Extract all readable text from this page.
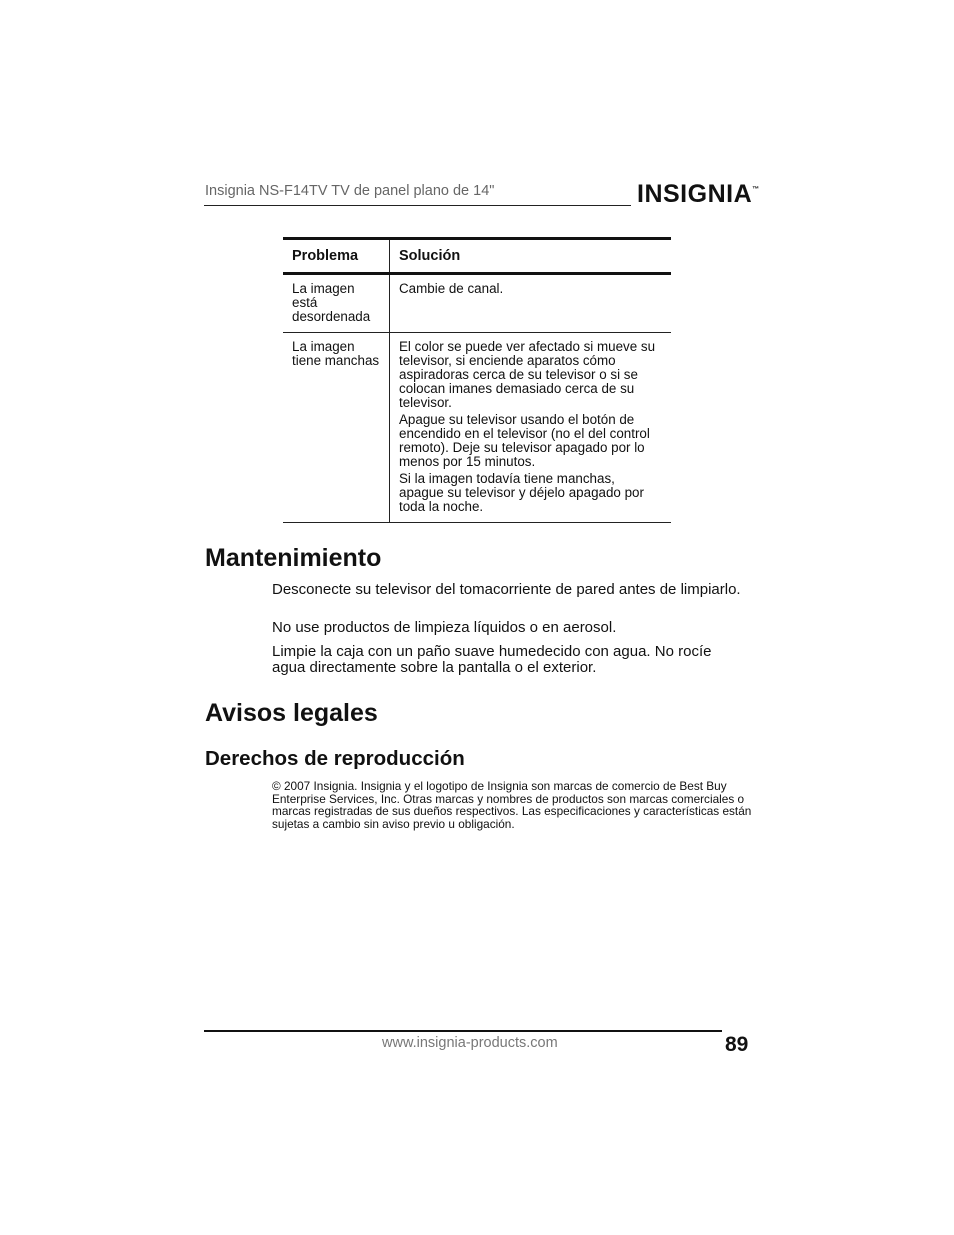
Insignia NS-F14TV TV de panel plano de 14"	INSIGNIA™
Problema	Solución
La imagen está desordenada	Cambie de canal.

La imagen tiene manchas	El color se puede ver afectado si mueve su televisor, si enciende aparatos cómo aspiradoras cerca de su televisor o si se colocan imanes demasiado cerca de su televisor.

Apague su televisor usando el botón de encendido en el televisor (no el del control remoto). Deje su televisor apagado por lo menos por 15 minutos.

Si la imagen todavía tiene manchas, apague su televisor y déjelo apagado por toda la noche.

Mantenimiento

Desconecte su televisor del tomacorriente de pared antes de limpiarlo.

No use productos de limpieza líquidos o en aerosol.

Limpie la caja con un paño suave humedecido con agua. No rocíe agua directamente sobre la pantalla o el exterior.

Avisos legales
Derechos de reproducción

© 2007 Insignia. Insignia y el logotipo de Insignia son marcas de comercio de Best Buy Enterprise Services, Inc. Otras marcas y nombres de productos son marcas comerciales o marcas registradas de sus dueños respectivos. Las especificaciones y características están sujetas a cambio sin aviso previo u obligación.

www.insignia-products.com	89
